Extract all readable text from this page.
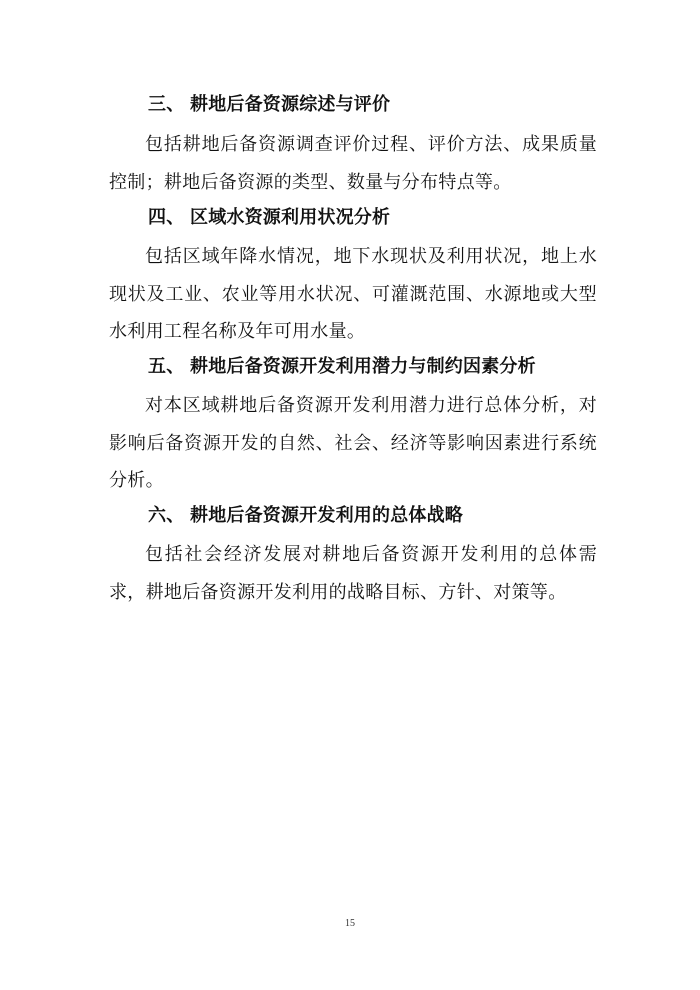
三、 耕地后备资源综述与评价
包括耕地后备资源调查评价过程、评价方法、成果质量
控制；耕地后备资源的类型、数量与分布特点等。
四、 区域水资源利用状况分析
包括区域年降水情况，地下水现状及利用状况，地上水
现状及工业、农业等用水状况、可灌溉范围、水源地或大型
水利用工程名称及年可用水量。
五、 耕地后备资源开发利用潜力与制约因素分析
对本区域耕地后备资源开发利用潜力进行总体分析，对
影响后备资源开发的自然、社会、经济等影响因素进行系统
分析。
六、 耕地后备资源开发利用的总体战略
包括社会经济发展对耕地后备资源开发利用的总体需
求，耕地后备资源开发利用的战略目标、方针、对策等。
15
